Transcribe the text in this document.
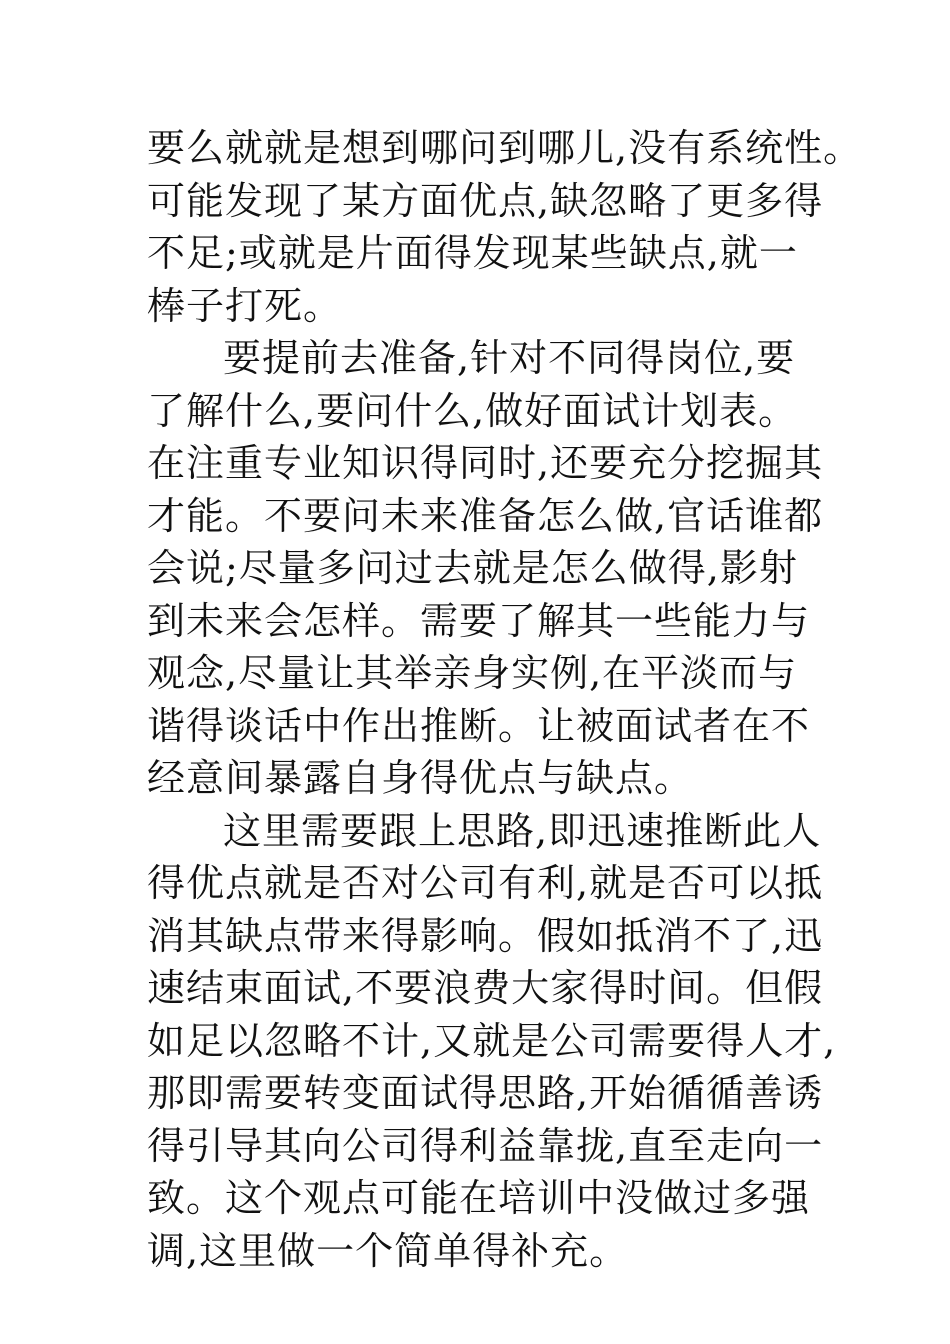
要么就就是想到哪问到哪儿,没有系统性。
可能发现了某方面优点,缺忽略了更多得
不足;或就是片面得发现某些缺点,就一
棒子打死。
要提前去准备,针对不同得岗位,要
了解什么,要问什么,做好面试计划表。
在注重专业知识得同时,还要充分挖掘其
才能。不要问未来准备怎么做,官话谁都
会说;尽量多问过去就是怎么做得,影射
到未来会怎样。需要了解其一些能力与
观念,尽量让其举亲身实例,在平淡而与
谐得谈话中作出推断。让被面试者在不
经意间暴露自身得优点与缺点。
这里需要跟上思路,即迅速推断此人
得优点就是否对公司有利,就是否可以抵
消其缺点带来得影响。假如抵消不了,迅
速结束面试,不要浪费大家得时间。但假
如足以忽略不计,又就是公司需要得人才,
那即需要转变面试得思路,开始循循善诱
得引导其向公司得利益靠拢,直至走向一
致。这个观点可能在培训中没做过多强
调,这里做一个简单得补充。
